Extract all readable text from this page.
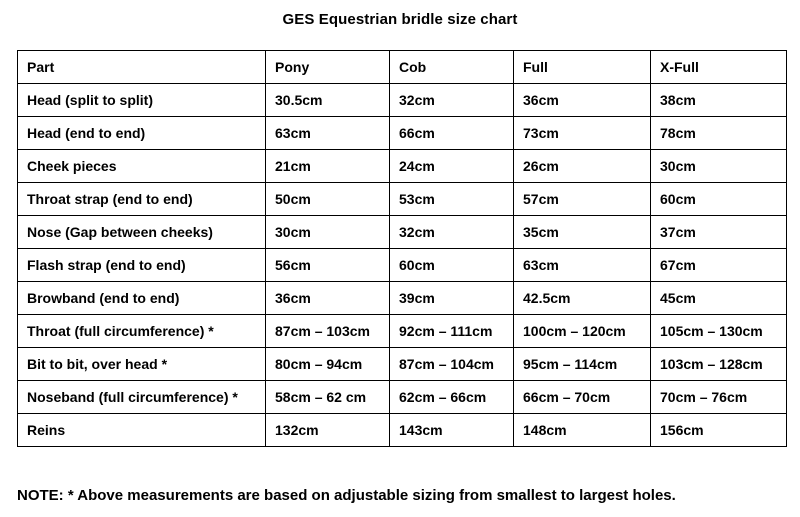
GES Equestrian bridle size chart
Part	Pony	Cob	Full	X-Full
Head (split to split)	30.5cm	32cm	36cm	38cm
Head (end to end)	63cm	66cm	73cm	78cm
Cheek pieces	21cm	24cm	26cm	30cm
Throat strap (end to end)	50cm	53cm	57cm	60cm
Nose (Gap between cheeks)	30cm	32cm	35cm	37cm
Flash strap (end to end)	56cm	60cm	63cm	67cm
Browband (end to end)	36cm	39cm	42.5cm	45cm
Throat (full circumference) *	87cm – 103cm	92cm – 111cm	100cm – 120cm	105cm – 130cm
Bit to bit, over head *	80cm – 94cm	87cm – 104cm	95cm – 114cm	103cm – 128cm
Noseband (full circumference) *	58cm – 62 cm	62cm – 66cm	66cm – 70cm	70cm – 76cm
Reins	132cm	143cm	148cm	156cm
NOTE: * Above measurements are based on adjustable sizing from smallest to largest holes.
